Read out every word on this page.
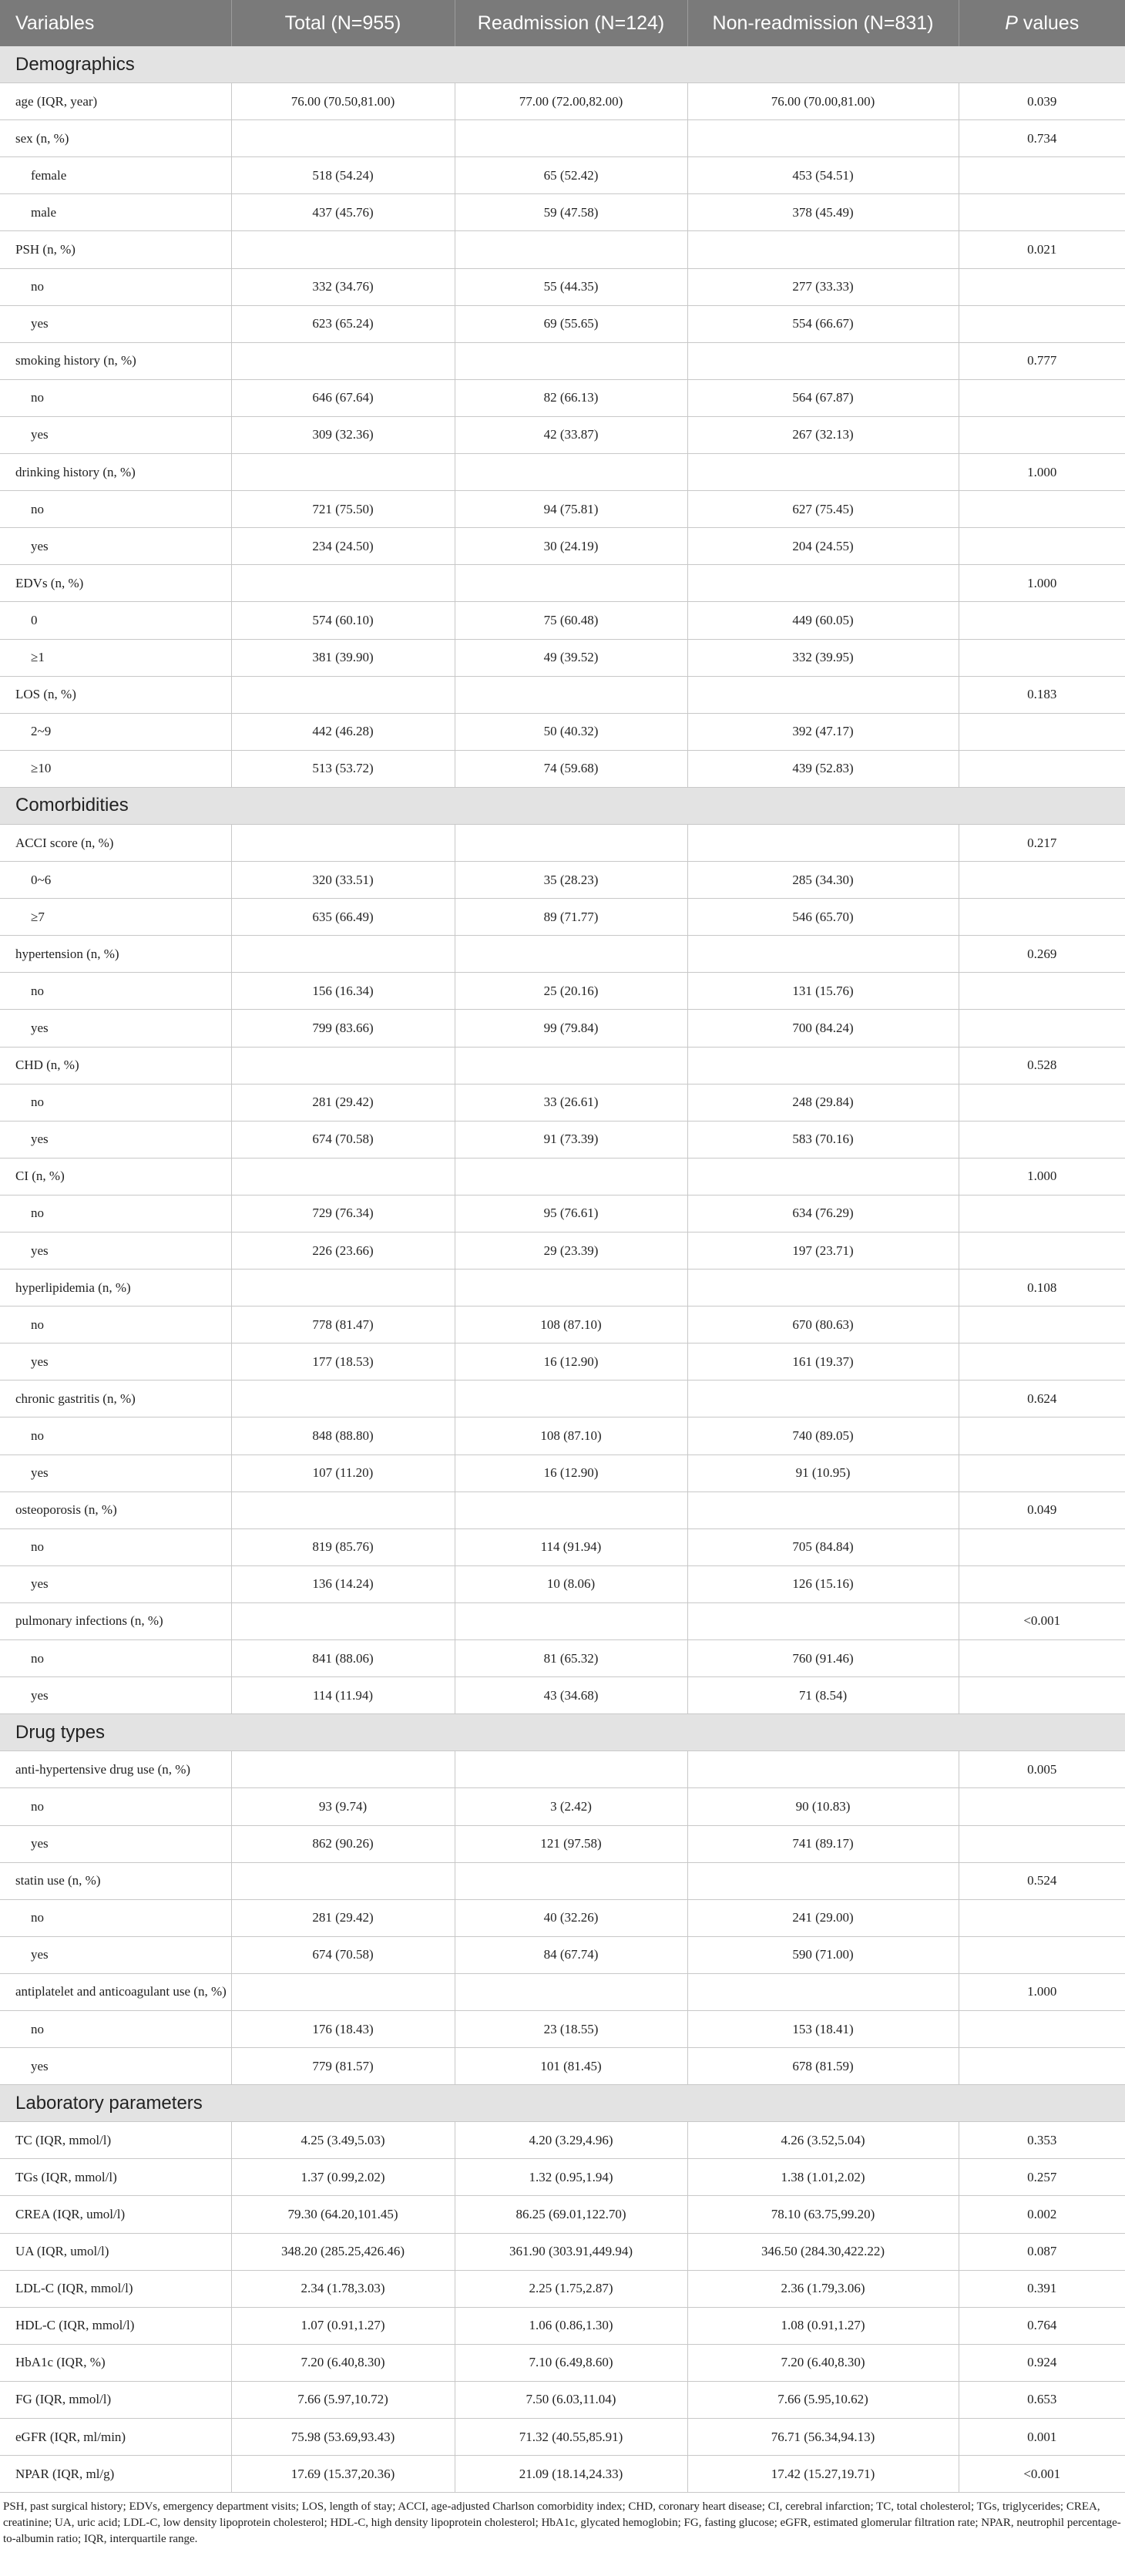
Variables	Total (N=955)	Readmission (N=124)	Non-readmission (N=831)	P values
Demographics				
age (IQR, year)	76.00 (70.50,81.00)	77.00 (72.00,82.00)	76.00 (70.00,81.00)	0.039
sex (n, %)				0.734
female	518 (54.24)	65 (52.42)	453 (54.51)	
male	437 (45.76)	59 (47.58)	378 (45.49)	
PSH (n, %)				0.021
no	332 (34.76)	55 (44.35)	277 (33.33)	
yes	623 (65.24)	69 (55.65)	554 (66.67)	
smoking history (n, %)				0.777
no	646 (67.64)	82 (66.13)	564 (67.87)	
yes	309 (32.36)	42 (33.87)	267 (32.13)	
drinking history (n, %)				1.000
no	721 (75.50)	94 (75.81)	627 (75.45)	
yes	234 (24.50)	30 (24.19)	204 (24.55)	
EDVs (n, %)				1.000
0	574 (60.10)	75 (60.48)	449 (60.05)	
≥1	381 (39.90)	49 (39.52)	332 (39.95)	
LOS (n, %)				0.183
2~9	442 (46.28)	50 (40.32)	392 (47.17)	
≥10	513 (53.72)	74 (59.68)	439 (52.83)	
Comorbidities				
ACCI score (n, %)				0.217
0~6	320 (33.51)	35 (28.23)	285 (34.30)	
≥7	635 (66.49)	89 (71.77)	546 (65.70)	
hypertension (n, %)				0.269
no	156 (16.34)	25 (20.16)	131 (15.76)	
yes	799 (83.66)	99 (79.84)	700 (84.24)	
CHD (n, %)				0.528
no	281 (29.42)	33 (26.61)	248 (29.84)	
yes	674 (70.58)	91 (73.39)	583 (70.16)	
CI (n, %)				1.000
no	729 (76.34)	95 (76.61)	634 (76.29)	
yes	226 (23.66)	29 (23.39)	197 (23.71)	
hyperlipidemia (n, %)				0.108
no	778 (81.47)	108 (87.10)	670 (80.63)	
yes	177 (18.53)	16 (12.90)	161 (19.37)	
chronic gastritis (n, %)				0.624
no	848 (88.80)	108 (87.10)	740 (89.05)	
yes	107 (11.20)	16 (12.90)	91 (10.95)	
osteoporosis (n, %)				0.049
no	819 (85.76)	114 (91.94)	705 (84.84)	
yes	136 (14.24)	10 (8.06)	126 (15.16)	
pulmonary infections (n, %)				<0.001
no	841 (88.06)	81 (65.32)	760 (91.46)	
yes	114 (11.94)	43 (34.68)	71 (8.54)	
Drug types				
anti-hypertensive drug use (n, %)				0.005
no	93 (9.74)	3 (2.42)	90 (10.83)	
yes	862 (90.26)	121 (97.58)	741 (89.17)	
statin use (n, %)				0.524
no	281 (29.42)	40 (32.26)	241 (29.00)	
yes	674 (70.58)	84 (67.74)	590 (71.00)	
antiplatelet and anticoagulant use (n, %)				1.000
no	176 (18.43)	23 (18.55)	153 (18.41)	
yes	779 (81.57)	101 (81.45)	678 (81.59)	
Laboratory parameters				
TC (IQR, mmol/l)	4.25 (3.49,5.03)	4.20 (3.29,4.96)	4.26 (3.52,5.04)	0.353
TGs (IQR, mmol/l)	1.37 (0.99,2.02)	1.32 (0.95,1.94)	1.38 (1.01,2.02)	0.257
CREA (IQR, umol/l)	79.30 (64.20,101.45)	86.25 (69.01,122.70)	78.10 (63.75,99.20)	0.002
UA (IQR, umol/l)	348.20 (285.25,426.46)	361.90 (303.91,449.94)	346.50 (284.30,422.22)	0.087
LDL-C (IQR, mmol/l)	2.34 (1.78,3.03)	2.25 (1.75,2.87)	2.36 (1.79,3.06)	0.391
HDL-C (IQR, mmol/l)	1.07 (0.91,1.27)	1.06 (0.86,1.30)	1.08 (0.91,1.27)	0.764
HbA1c (IQR, %)	7.20 (6.40,8.30)	7.10 (6.49,8.60)	7.20 (6.40,8.30)	0.924
FG (IQR, mmol/l)	7.66 (5.97,10.72)	7.50 (6.03,11.04)	7.66 (5.95,10.62)	0.653
eGFR (IQR, ml/min)	75.98 (53.69,93.43)	71.32 (40.55,85.91)	76.71 (56.34,94.13)	0.001
NPAR (IQR, ml/g)	17.69 (15.37,20.36)	21.09 (18.14,24.33)	17.42 (15.27,19.71)	<0.001
PSH, past surgical history; EDVs, emergency department visits; LOS, length of stay; ACCI, age-adjusted Charlson comorbidity index; CHD, coronary heart disease; CI, cerebral infarction; TC, total cholesterol; TGs, triglycerides; CREA, creatinine; UA, uric acid; LDL-C, low density lipoprotein cholesterol; HDL-C, high density lipoprotein cholesterol; HbA1c, glycated hemoglobin; FG, fasting glucose; eGFR, estimated glomerular filtration rate; NPAR, neutrophil percentage-to-albumin ratio; IQR, interquartile range.
